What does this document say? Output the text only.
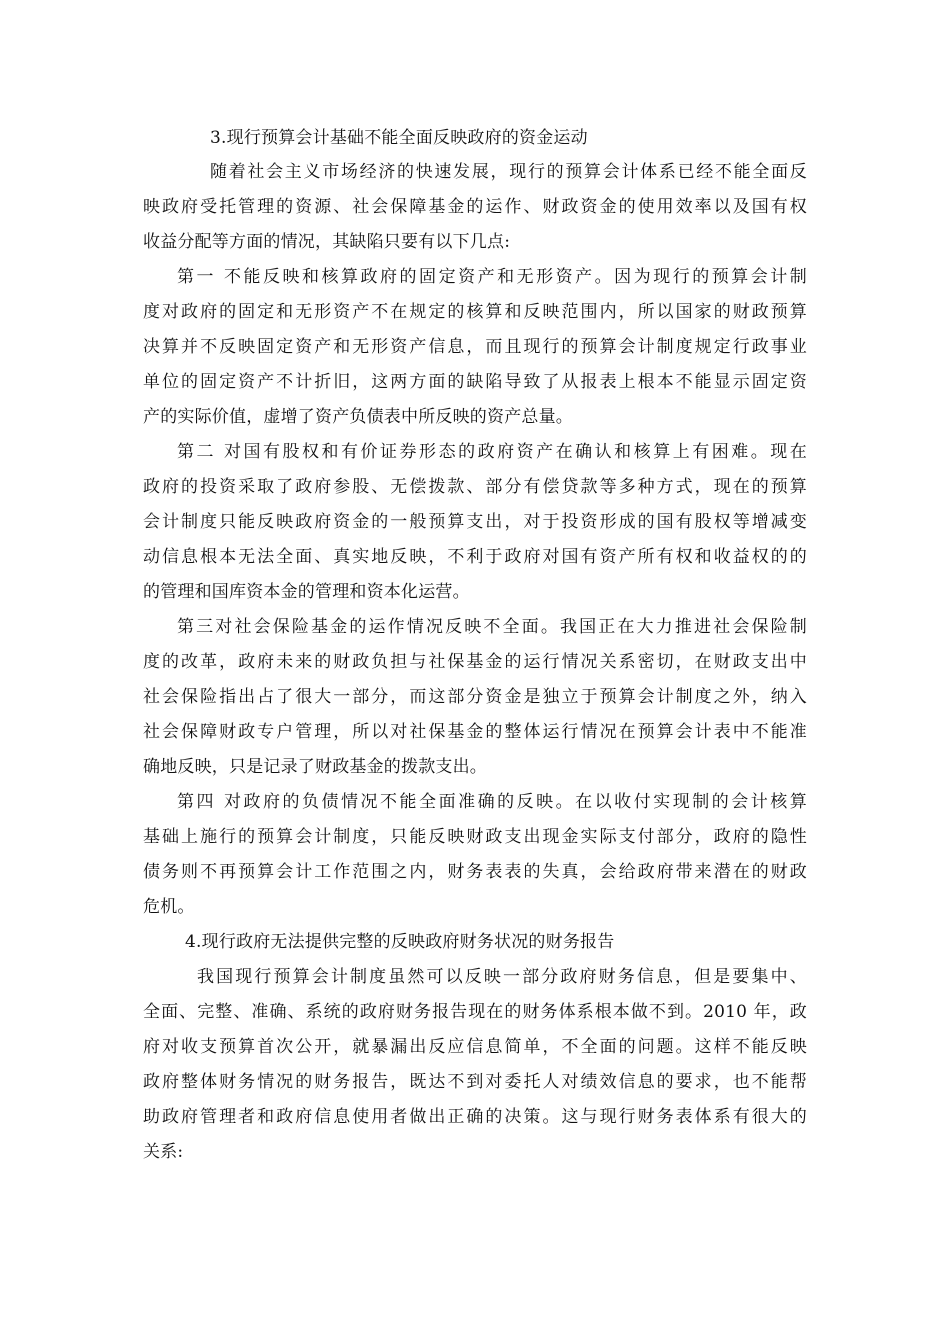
3.现行预算会计基础不能全面反映政府的资金运动
随着社会主义市场经济的快速发展，现行的预算会计体系已经不能全面反
映政府受托管理的资源、社会保障基金的运作、财政资金的使用效率以及国有权
收益分配等方面的情况，其缺陷只要有以下几点:
第一 不能反映和核算政府的固定资产和无形资产。因为现行的预算会计制
度对政府的固定和无形资产不在规定的核算和反映范围内，所以国家的财政预算
决算并不反映固定资产和无形资产信息，而且现行的预算会计制度规定行政事业
单位的固定资产不计折旧，这两方面的缺陷导致了从报表上根本不能显示固定资
产的实际价值，虚增了资产负债表中所反映的资产总量。
第二 对国有股权和有价证券形态的政府资产在确认和核算上有困难。现在
政府的投资采取了政府参股、无偿拨款、部分有偿贷款等多种方式，现在的预算
会计制度只能反映政府资金的一般预算支出，对于投资形成的国有股权等增减变
动信息根本无法全面、真实地反映，不利于政府对国有资产所有权和收益权的的
的管理和国库资本金的管理和资本化运营。
第三对社会保险基金的运作情况反映不全面。我国正在大力推进社会保险制
度的改革，政府未来的财政负担与社保基金的运行情况关系密切，在财政支出中
社会保险指出占了很大一部分，而这部分资金是独立于预算会计制度之外，纳入
社会保障财政专户管理，所以对社保基金的整体运行情况在预算会计表中不能准
确地反映，只是记录了财政基金的拨款支出。
第四 对政府的负债情况不能全面准确的反映。在以收付实现制的会计核算
基础上施行的预算会计制度，只能反映财政支出现金实际支付部分，政府的隐性
债务则不再预算会计工作范围之内，财务表表的失真，会给政府带来潜在的财政
危机。
4.现行政府无法提供完整的反映政府财务状况的财务报告
我国现行预算会计制度虽然可以反映一部分政府财务信息，但是要集中、
全面、完整、准确、系统的政府财务报告现在的财务体系根本做不到。2010 年，政
府对收支预算首次公开，就暴漏出反应信息简单，不全面的问题。这样不能反映
政府整体财务情况的财务报告，既达不到对委托人对绩效信息的要求，也不能帮
助政府管理者和政府信息使用者做出正确的决策。这与现行财务表体系有很大的
关系:
